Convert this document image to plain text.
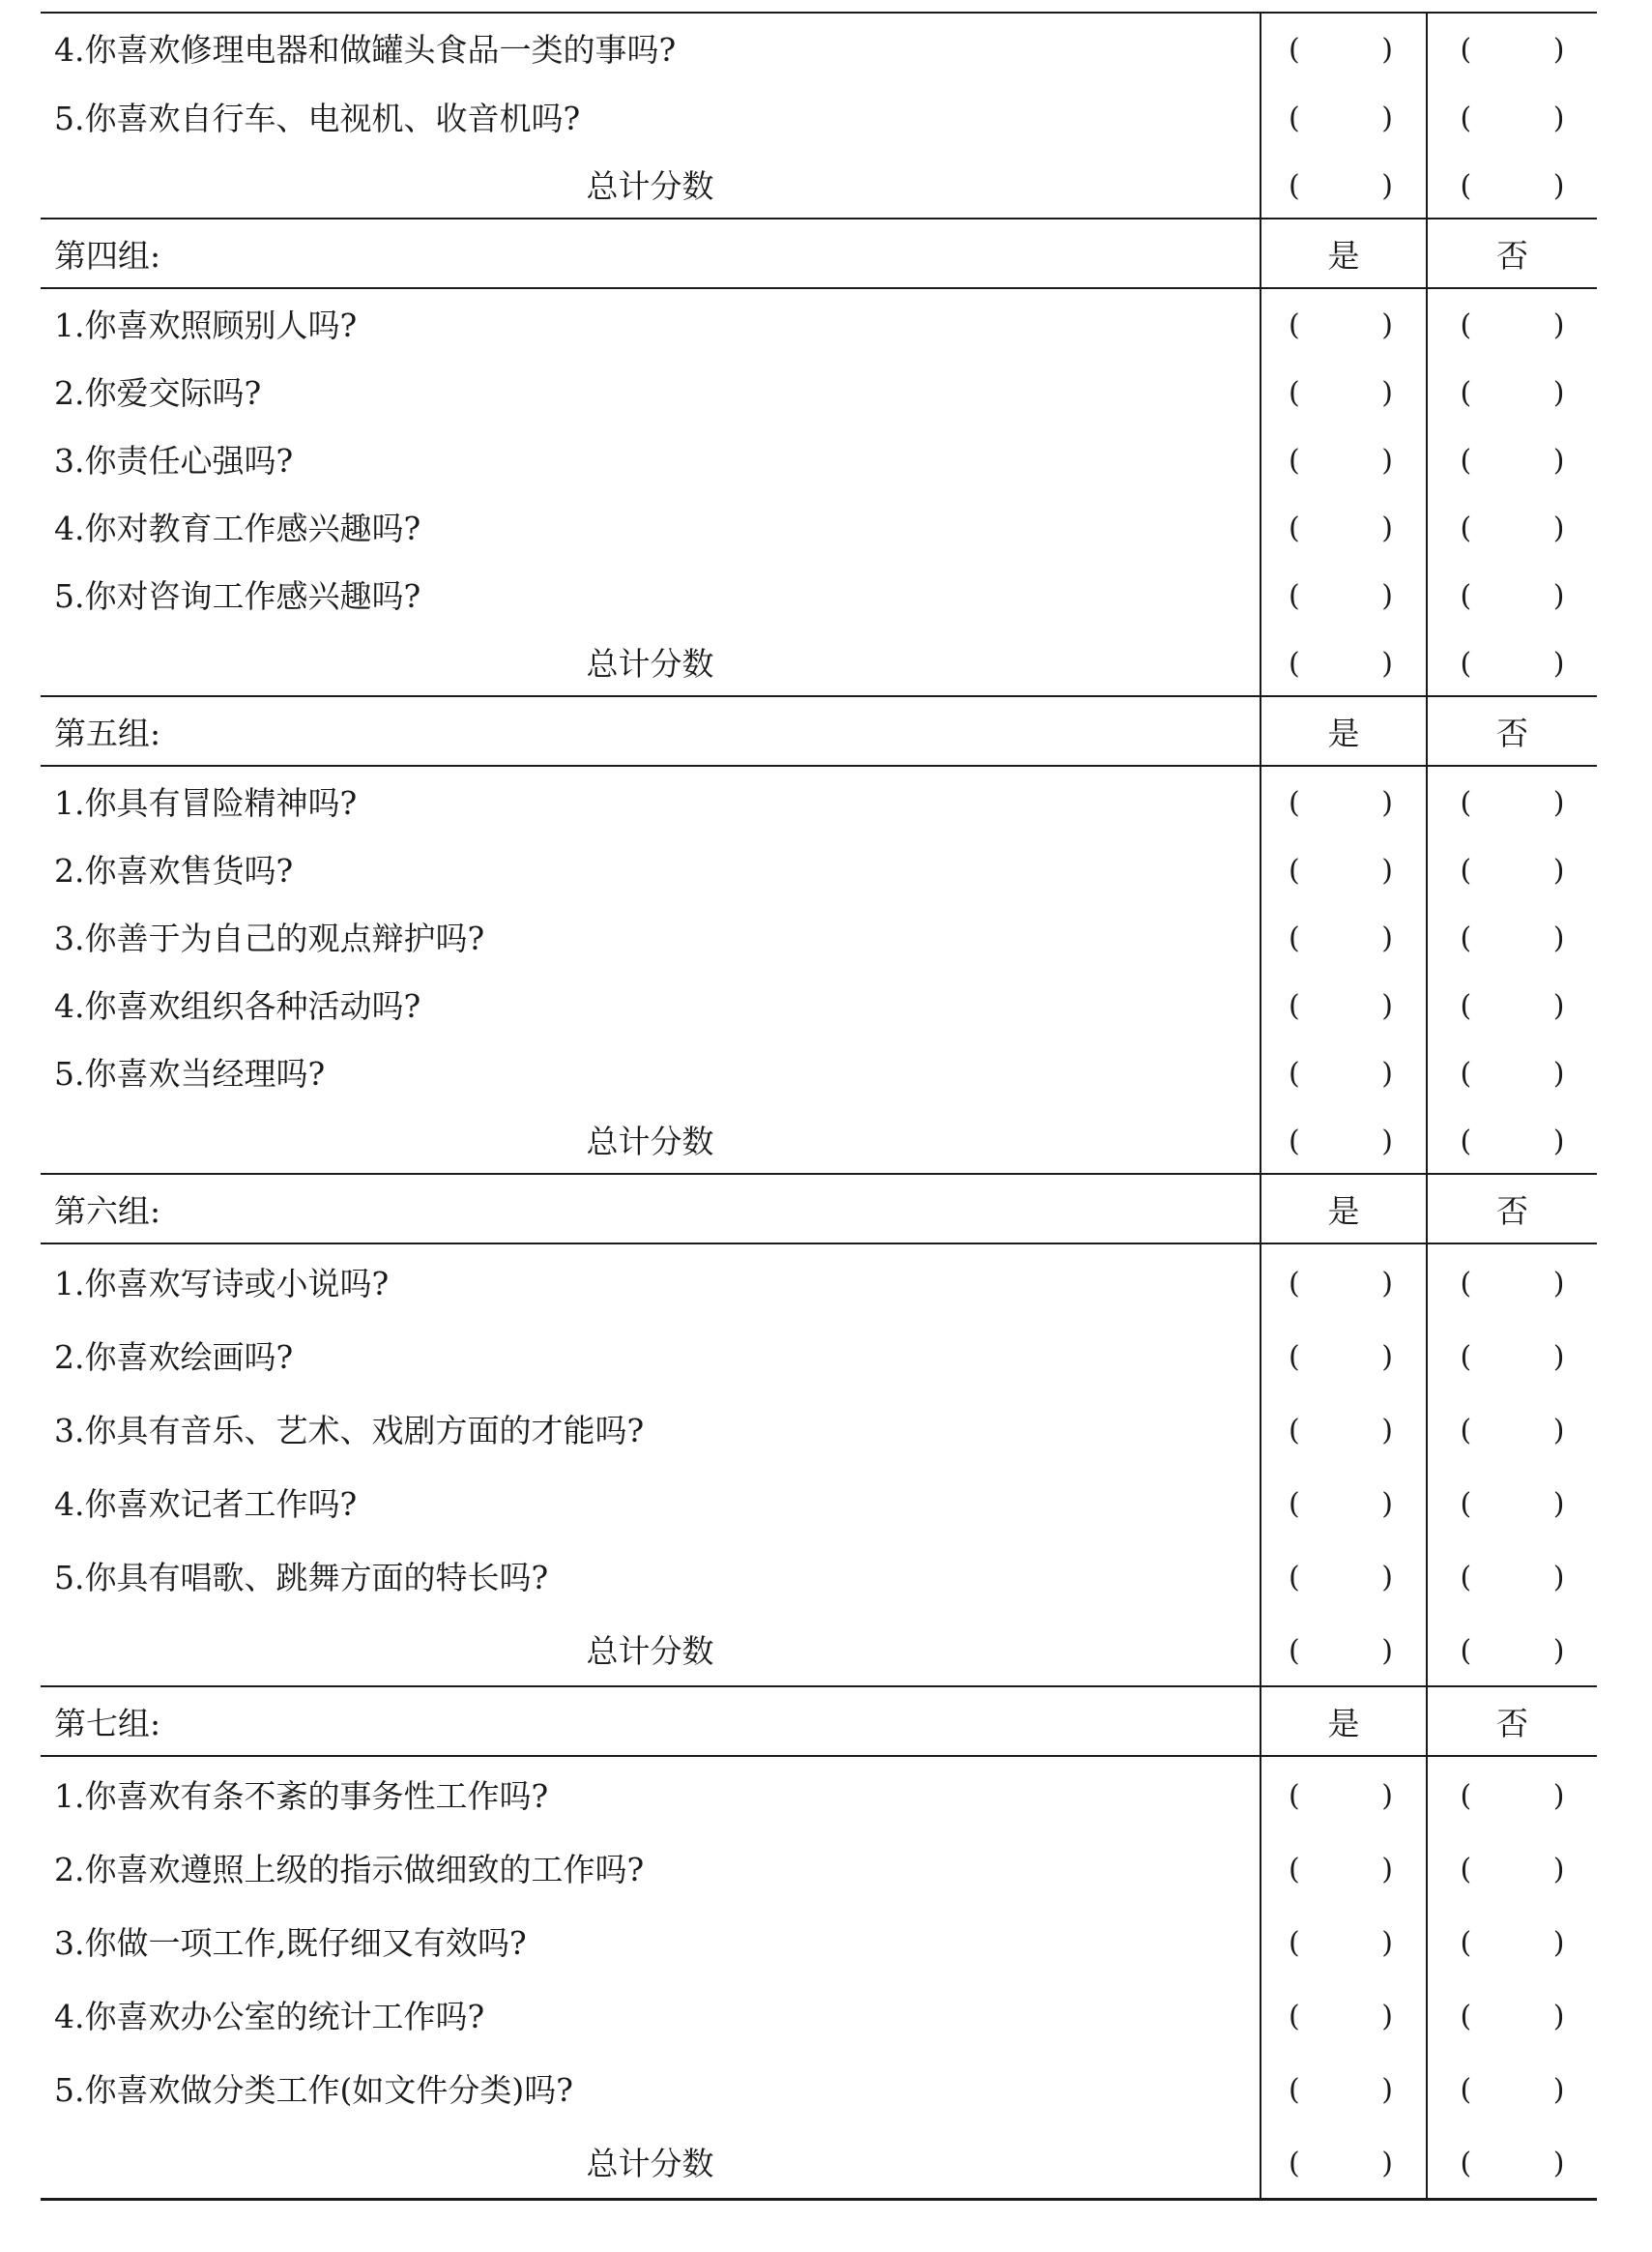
4.你喜欢修理电器和做罐头食品一类的事吗?	( )	( )

5.你喜欢自行车、电视机、收音机吗?	( )	( )

总计分数	( )	( )

第四组:	是	否
1.你喜欢照顾别人吗?	( )	( )

2.你爱交际吗?	( )	( )

3.你责任心强吗?	( )	( )

4.你对教育工作感兴趣吗?	( )	( )

5.你对咨询工作感兴趣吗?	( )	( )

总计分数	( )	( )

第五组:	是	否
1.你具有冒险精神吗?	( )	( )

2.你喜欢售货吗?	( )	( )

3.你善于为自己的观点辩护吗?	( )	( )

4.你喜欢组织各种活动吗?	( )	( )

5.你喜欢当经理吗?	( )	( )

总计分数	( )	( )

第六组:	是	否
1.你喜欢写诗或小说吗?	( )	( )

2.你喜欢绘画吗?	( )	( )

3.你具有音乐、艺术、戏剧方面的才能吗?	( )	( )

4.你喜欢记者工作吗?	( )	( )

5.你具有唱歌、跳舞方面的特长吗?	( )	( )

总计分数	( )	( )

第七组:	是	否
1.你喜欢有条不紊的事务性工作吗?	( )	( )

2.你喜欢遵照上级的指示做细致的工作吗?	( )	( )

3.你做一项工作,既仔细又有效吗?	( )	( )

4.你喜欢办公室的统计工作吗?	( )	( )

5.你喜欢做分类工作(如文件分类)吗?	( )	( )

总计分数	( )	( )
